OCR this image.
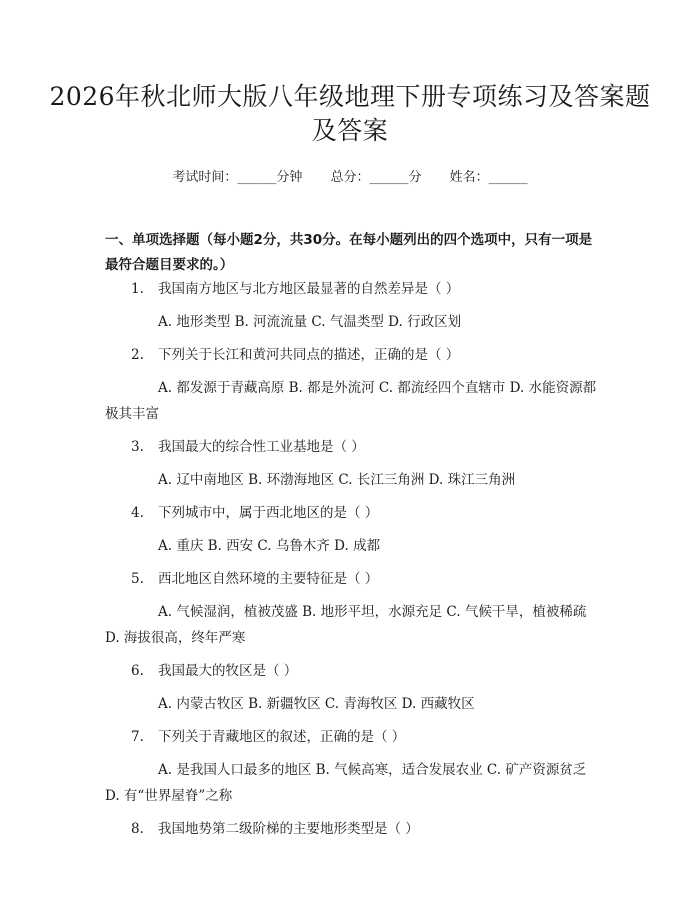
2026年秋北师大版八年级地理下册专项练习及答案题及答案
考试时间：______分钟 总分：______分 姓名：______
一、单项选择题（每小题2分，共30分。在每小题列出的四个选项中，只有一项是最符合题目要求的。）
1. 我国南方地区与北方地区最显著的自然差异是（ ）
A. 地形类型 B. 河流流量 C. 气温类型 D. 行政区划
2. 下列关于长江和黄河共同点的描述，正确的是（ ）
A. 都发源于青藏高原 B. 都是外流河 C. 都流经四个直辖市 D. 水能资源都极其丰富
3. 我国最大的综合性工业基地是（ ）
A. 辽中南地区 B. 环渤海地区 C. 长江三角洲 D. 珠江三角洲
4. 下列城市中，属于西北地区的是（ ）
A. 重庆 B. 西安 C. 乌鲁木齐 D. 成都
5. 西北地区自然环境的主要特征是（ ）
A. 气候湿润，植被茂盛 B. 地形平坦，水源充足 C. 气候干旱，植被稀疏 D. 海拔很高，终年严寒
6. 我国最大的牧区是（ ）
A. 内蒙古牧区 B. 新疆牧区 C. 青海牧区 D. 西藏牧区
7. 下列关于青藏地区的叙述，正确的是（ ）
A. 是我国人口最多的地区 B. 气候高寒，适合发展农业 C. 矿产资源贫乏 D. 有“世界屋脊”之称
8. 我国地势第二级阶梯的主要地形类型是（ ）
